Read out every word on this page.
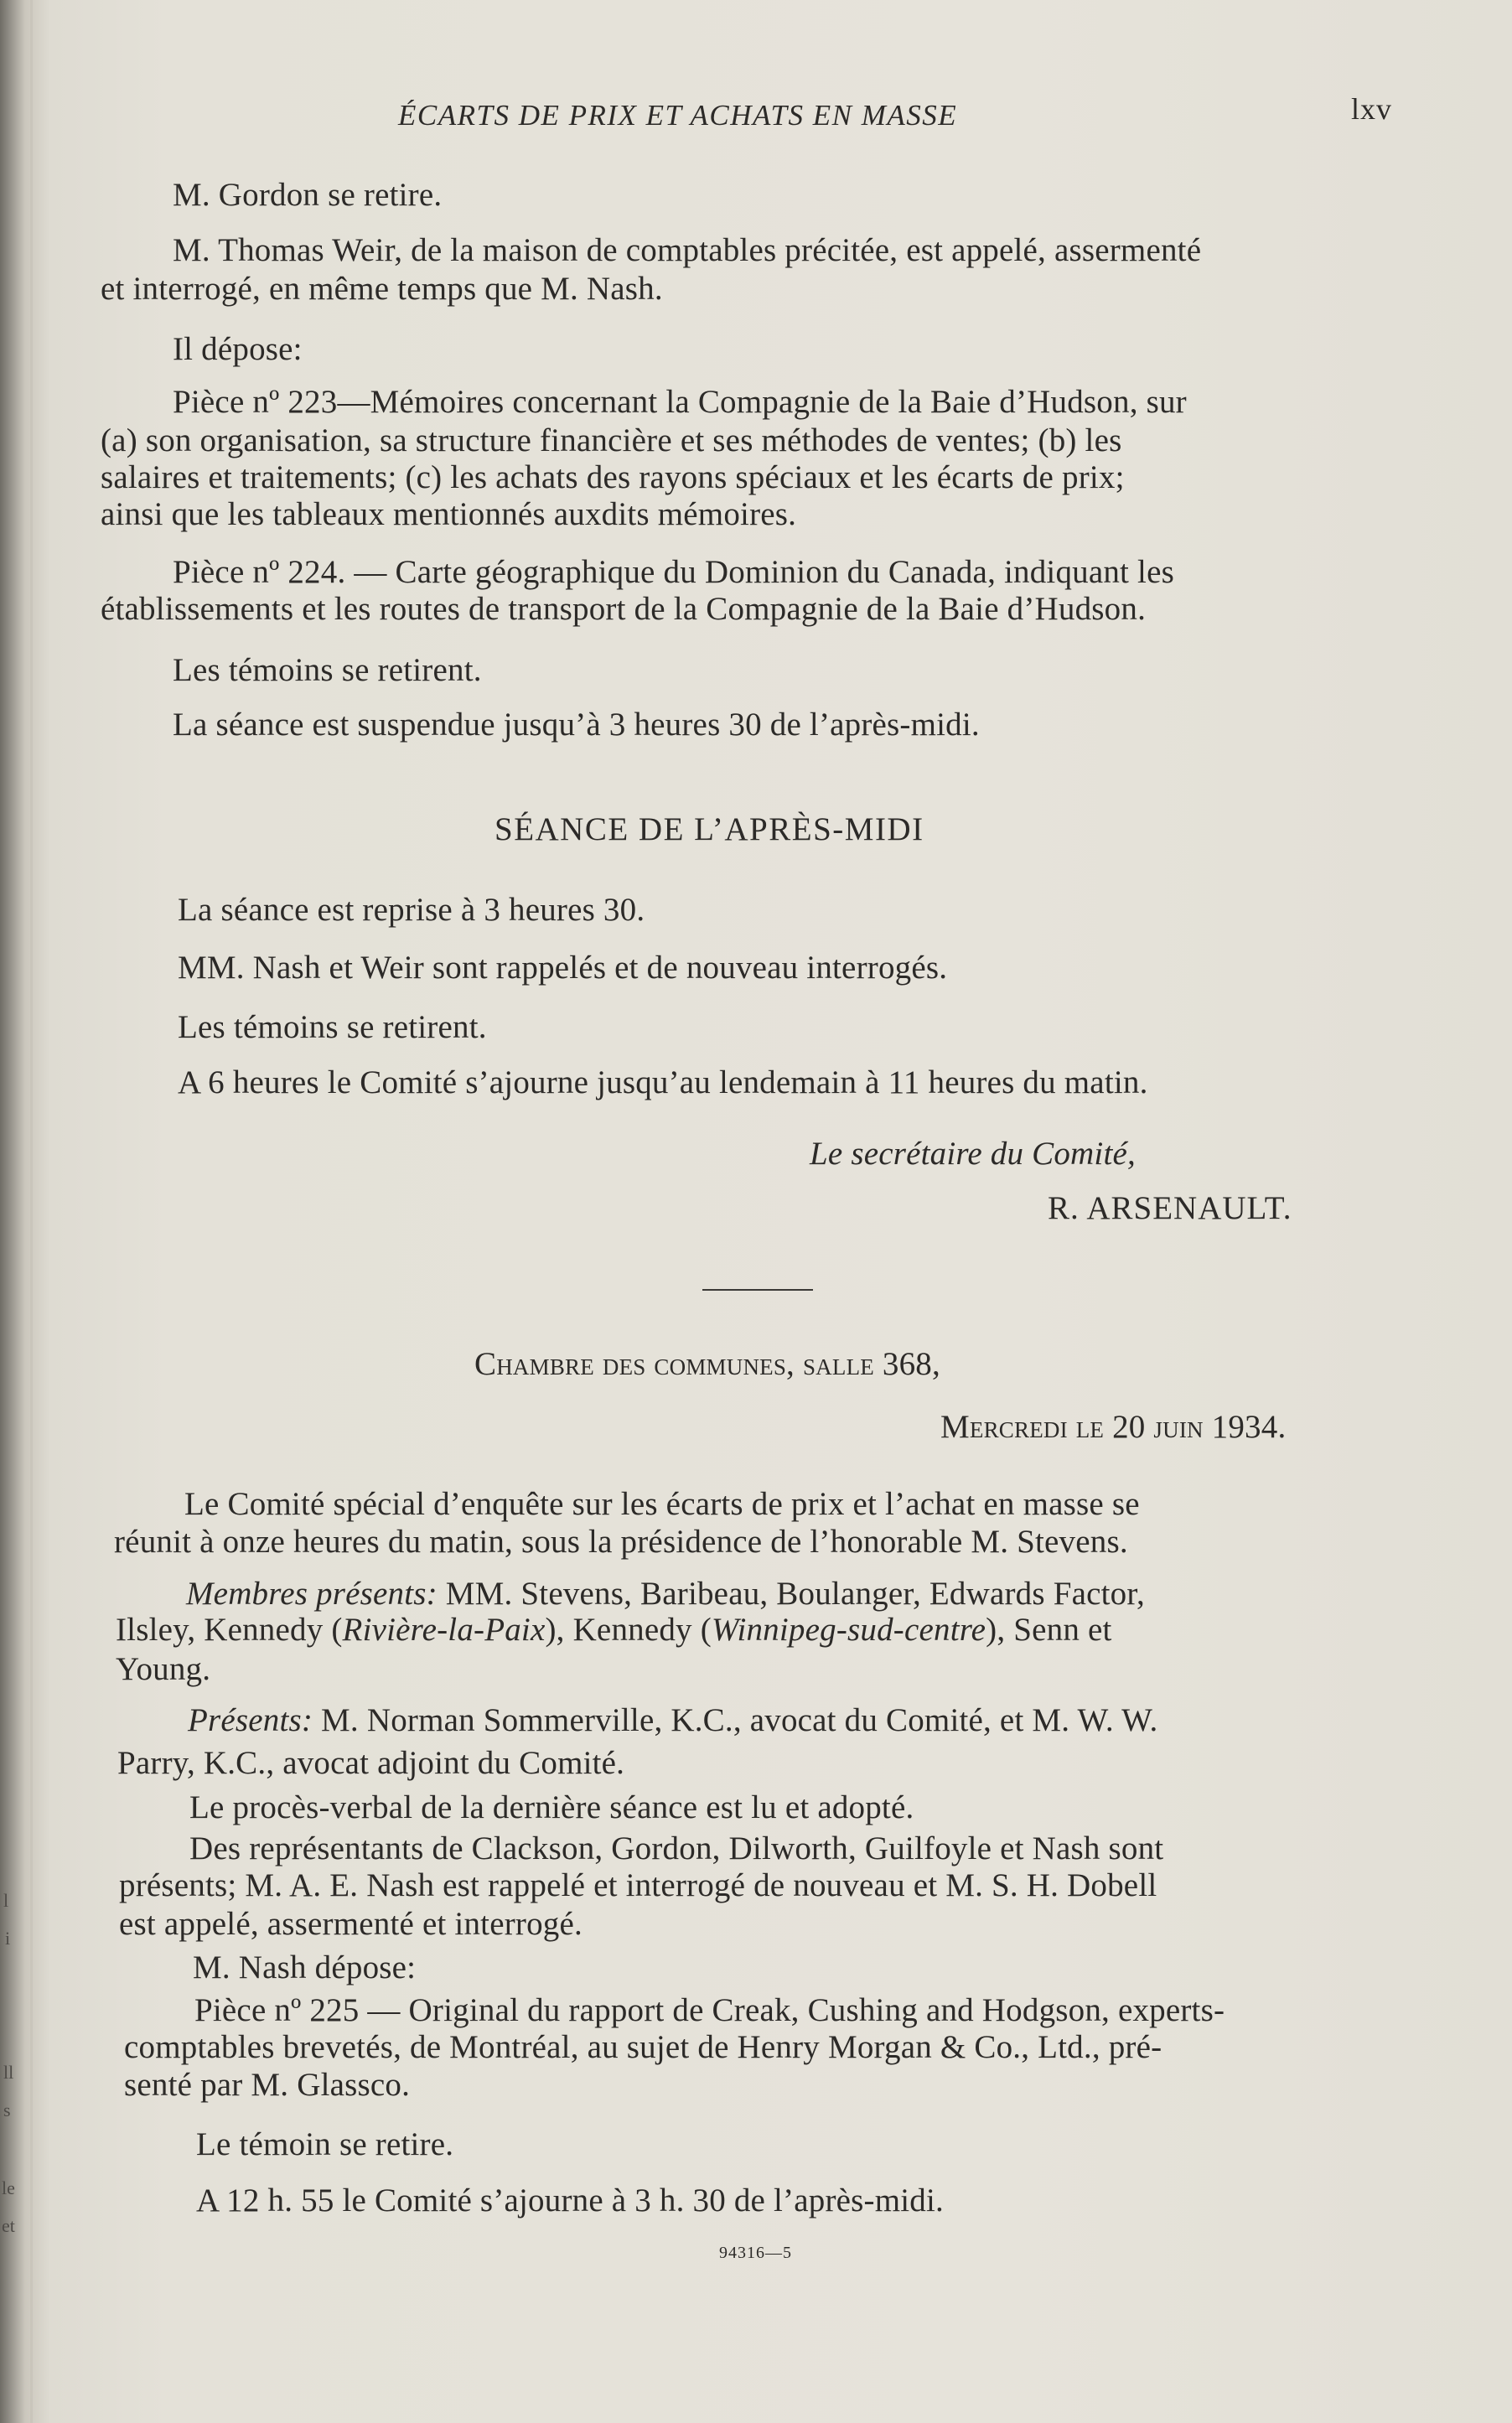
l
i
ll
s
le
et
ÉCARTS DE PRIX ET ACHATS EN MASSE	lxv
M. Gordon se retire.
M. Thomas Weir, de la maison de comptables précitée, est appelé, assermenté
et interrogé, en même temps que M. Nash.
Il dépose:
Pièce nº 223—Mémoires concernant la Compagnie de la Baie d’Hudson, sur
(a) son organisation, sa structure financière et ses méthodes de ventes; (b) les
salaires et traitements; (c) les achats des rayons spéciaux et les écarts de prix;
ainsi que les tableaux mentionnés auxdits mémoires.
Pièce nº 224. — Carte géographique du Dominion du Canada, indiquant les
établissements et les routes de transport de la Compagnie de la Baie d’Hudson.
Les témoins se retirent.
La séance est suspendue jusqu’à 3 heures 30 de l’après-midi.
SÉANCE DE L’APRÈS-MIDI
La séance est reprise à 3 heures 30.
MM. Nash et Weir sont rappelés et de nouveau interrogés.
Les témoins se retirent.
A 6 heures le Comité s’ajourne jusqu’au lendemain à 11 heures du matin.
Le secrétaire du Comité,
R. ARSENAULT.
Chambre des communes, salle 368,
Mercredi le 20 juin 1934.
Le Comité spécial d’enquête sur les écarts de prix et l’achat en masse se
réunit à onze heures du matin, sous la présidence de l’honorable M. Stevens.
Membres présents: MM. Stevens, Baribeau, Boulanger, Edwards Factor,
Ilsley, Kennedy (Rivière-la-Paix), Kennedy (Winnipeg-sud-centre), Senn et
Young.
Présents: M. Norman Sommerville, K.C., avocat du Comité, et M. W. W.
Parry, K.C., avocat adjoint du Comité.
Le procès-verbal de la dernière séance est lu et adopté.
Des représentants de Clackson, Gordon, Dilworth, Guilfoyle et Nash sont
présents; M. A. E. Nash est rappelé et interrogé de nouveau et M. S. H. Dobell
est appelé, assermenté et interrogé.
M. Nash dépose:
Pièce nº 225 — Original du rapport de Creak, Cushing and Hodgson, experts-
comptables brevetés, de Montréal, au sujet de Henry Morgan & Co., Ltd., pré-
senté par M. Glassco.
Le témoin se retire.
A 12 h. 55 le Comité s’ajourne à 3 h. 30 de l’après-midi.
94316—5
